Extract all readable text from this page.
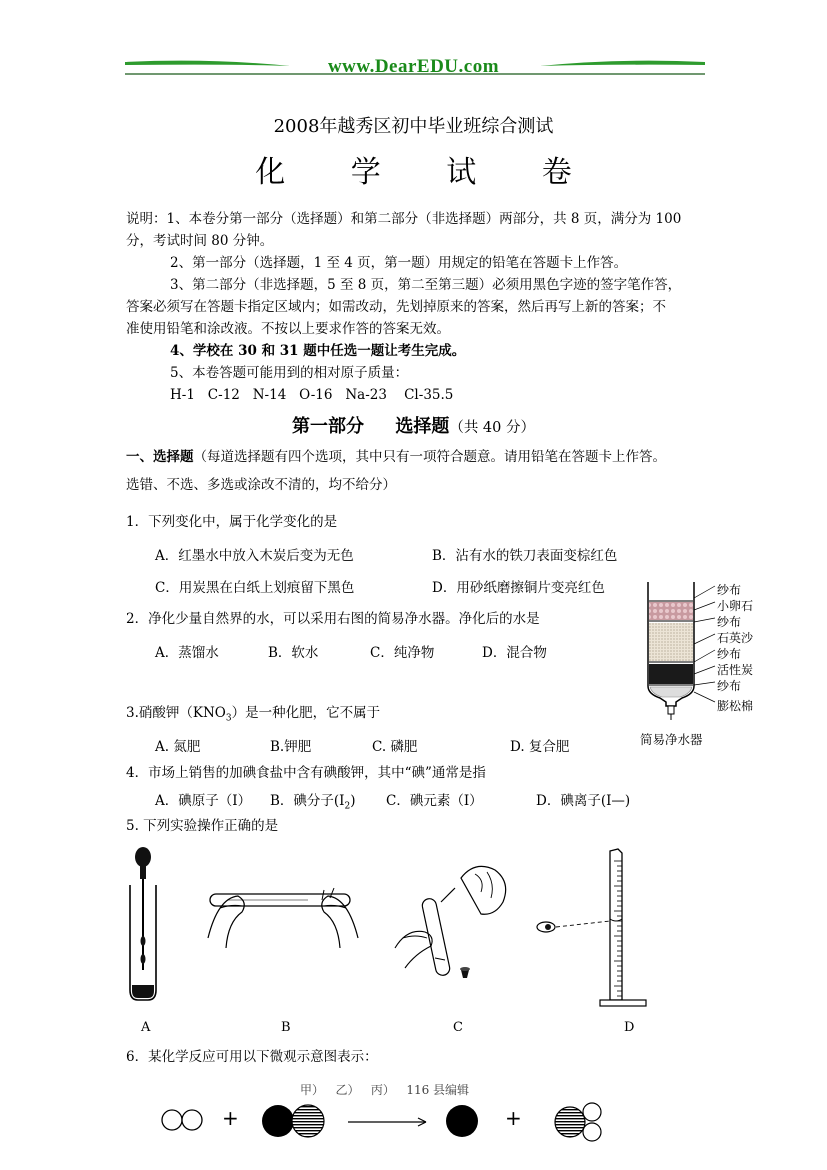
www.DearEDU.com
2008年越秀区初中毕业班综合测试
化 学 试 卷
说明：1、本卷分第一部分（选择题）和第二部分（非选择题）两部分，共 8 页，满分为 100
分，考试时间 80 分钟。
2、第一部分（选择题，1 至 4 页，第一题）用规定的铅笔在答题卡上作答。
3、第二部分（非选择题，5 至 8 页，第二至第三题）必须用黑色字迹的签字笔作答，
答案必须写在答题卡指定区域内；如需改动，先划掉原来的答案，然后再写上新的答案；不
准使用铅笔和涂改液。不按以上要求作答的答案无效。
4、学校在 30 和 31 题中任选一题让考生完成。
5、本卷答题可能用到的相对原子质量：
H-1   C-12   N-14   O-16   Na-23    Cl-35.5
第一部分     选择题（共 40 分）
一、选择题（每道选择题有四个选项，其中只有一项符合题意。请用铅笔在答题卡上作答。
选错、不选、多选或涂改不清的，均不给分）
1．下列变化中，属于化学变化的是
A．红墨水中放入木炭后变为无色	B．沾有水的铁刀表面变棕红色
C．用炭黑在白纸上划痕留下黑色	D．用砂纸磨擦铜片变亮红色
2．净化少量自然界的水，可以采用右图的简易净水器。净化后的水是
A．蒸馏水	B．软水	C．纯净物	D．混合物
纱布
小卵石
纱布
石英沙
纱布
活性炭
纱布
膨松棉
简易净水器
3.硝酸钾$(KNO_3)$是一种化肥，它不属于
A. 氮肥	B.钾肥	C. 磷肥	D. 复合肥
4．市场上销售的加碘食盐中含有碘酸钾，其中“碘”通常是指
A．碘原子（I） B．碘分子$(I_2)$ C．碘元素（I）	D．碘离子(I—)
5. 下列实验操作正确的是
A	B	C	D
6．某化学反应可用以下微观示意图表示：
甲）   乙）   丙）   116 县编辑
+	+
